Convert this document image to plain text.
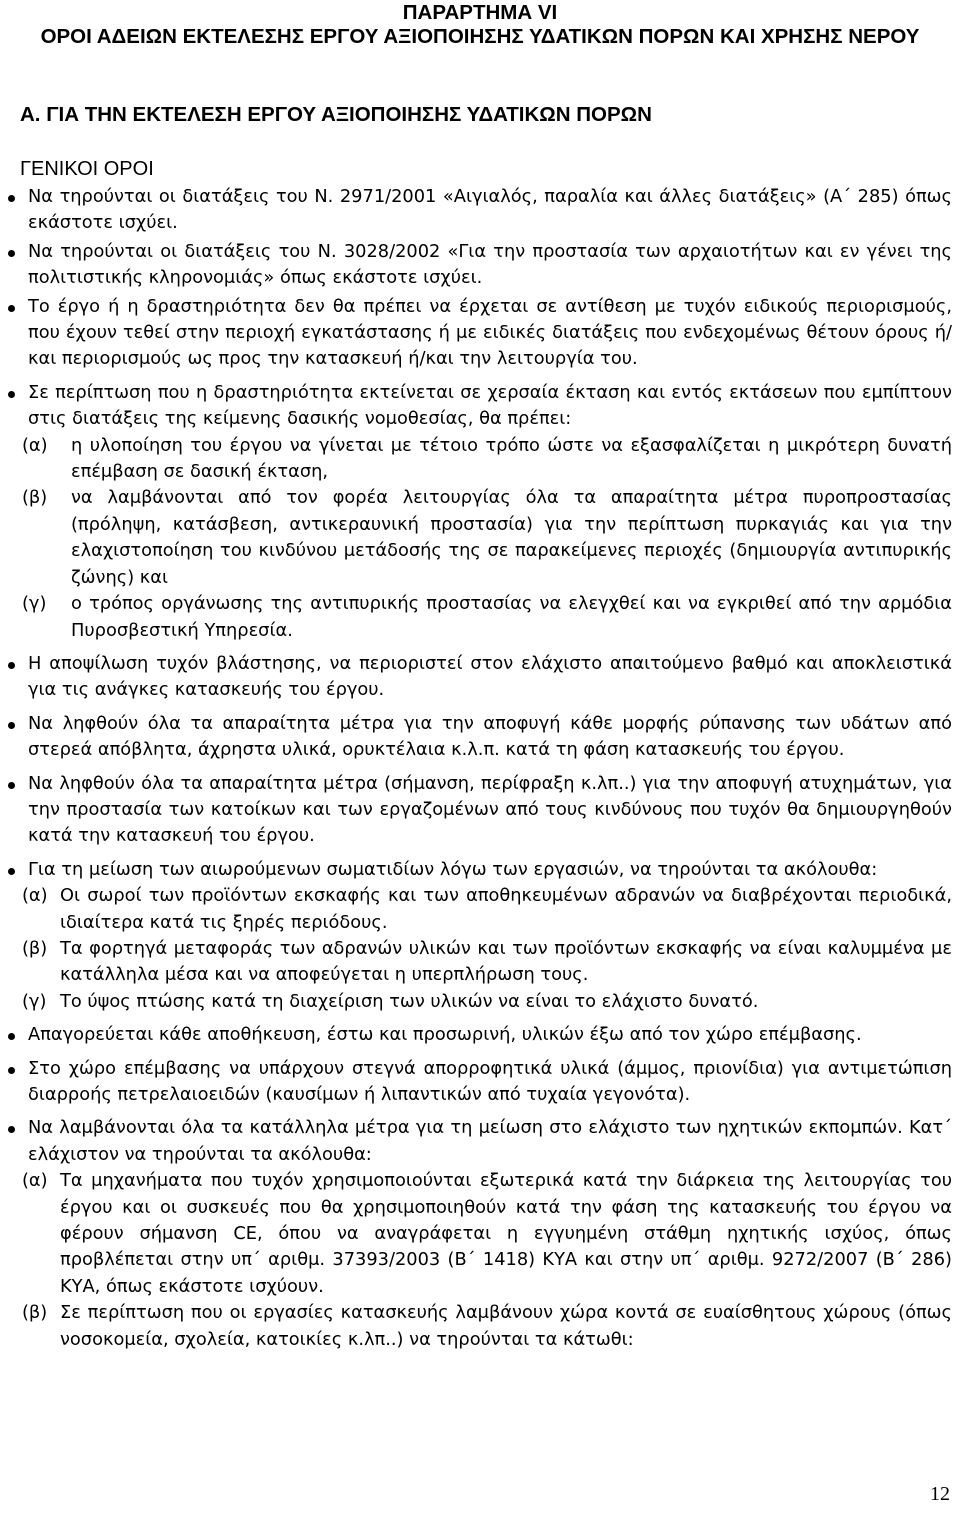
ΠΑΡΑΡΤΗΜΑ VI
ΟΡΟΙ ΑΔΕΙΩΝ ΕΚΤΕΛΕΣΗΣ ΕΡΓΟΥ ΑΞΙΟΠΟΙΗΣΗΣ ΥΔΑΤΙΚΩΝ ΠΟΡΩΝ ΚΑΙ ΧΡΗΣΗΣ ΝΕΡΟΥ
Α. ΓΙΑ ΤΗΝ ΕΚΤΕΛΕΣΗ ΕΡΓΟΥ ΑΞΙΟΠΟΙΗΣΗΣ ΥΔΑΤΙΚΩΝ ΠΟΡΩΝ
ΓΕΝΙΚΟΙ ΟΡΟΙ
Να τηρούνται οι διατάξεις του Ν. 2971/2001 «Αιγιαλός, παραλία και άλλες διατάξεις» (Α΄ 285) όπως εκάστοτε ισχύει.
Να τηρούνται οι διατάξεις του Ν. 3028/2002 «Για την προστασία των αρχαιοτήτων και εν γένει της πολιτιστικής κληρονομιάς» όπως εκάστοτε ισχύει.
Το έργο ή η δραστηριότητα δεν θα πρέπει να έρχεται σε αντίθεση με τυχόν ειδικούς περιορισμούς, που έχουν τεθεί στην περιοχή εγκατάστασης ή με ειδικές διατάξεις που ενδεχομένως θέτουν όρους ή/και περιορισμούς ως προς την κατασκευή ή/και την λειτουργία του.
Σε περίπτωση που η δραστηριότητα εκτείνεται σε χερσαία έκταση και εντός εκτάσεων που εμπίπτουν στις διατάξεις της κείμενης δασικής νομοθεσίας, θα πρέπει:
(α) η υλοποίηση του έργου να γίνεται με τέτοιο τρόπο ώστε να εξασφαλίζεται η μικρότερη δυνατή επέμβαση σε δασική έκταση,
(β) να λαμβάνονται από τον φορέα λειτουργίας όλα τα απαραίτητα μέτρα πυροπροστασίας (πρόληψη, κατάσβεση, αντικεραυνική προστασία) για την περίπτωση πυρκαγιάς και για την ελαχιστοποίηση του κινδύνου μετάδοσής της σε παρακείμενες περιοχές (δημιουργία αντιπυρικής ζώνης) και
(γ) ο τρόπος οργάνωσης της αντιπυρικής προστασίας να ελεγχθεί και να εγκριθεί από την αρμόδια Πυροσβεστική Υπηρεσία.
Η αποψίλωση τυχόν βλάστησης, να περιοριστεί στον ελάχιστο απαιτούμενο βαθμό και αποκλειστικά για τις ανάγκες κατασκευής του έργου.
Να ληφθούν όλα τα απαραίτητα μέτρα για την αποφυγή κάθε μορφής ρύπανσης των υδάτων από στερεά απόβλητα, άχρηστα υλικά, ορυκτέλαια κ.λ.π. κατά τη φάση κατασκευής του έργου.
Να ληφθούν όλα τα απαραίτητα μέτρα (σήμανση, περίφραξη κ.λπ..) για την αποφυγή ατυχημάτων, για την προστασία των κατοίκων και των εργαζομένων από τους κινδύνους που τυχόν θα δημιουργηθούν κατά την κατασκευή του έργου.
Για τη μείωση των αιωρούμενων σωματιδίων λόγω των εργασιών, να τηρούνται τα ακόλουθα:
(α) Οι σωροί των προϊόντων εκσκαφής και των αποθηκευμένων αδρανών να διαβρέχονται περιοδικά, ιδιαίτερα κατά τις ξηρές περιόδους.
(β) Τα φορτηγά μεταφοράς των αδρανών υλικών και των προϊόντων εκσκαφής να είναι καλυμμένα με κατάλληλα μέσα και να αποφεύγεται η υπερπλήρωση τους.
(γ) Το ύψος πτώσης κατά τη διαχείριση των υλικών να είναι το ελάχιστο δυνατό.
Απαγορεύεται κάθε αποθήκευση, έστω και προσωρινή, υλικών έξω από τον χώρο επέμβασης.
Στο χώρο επέμβασης να υπάρχουν στεγνά απορροφητικά υλικά (άμμος, πριονίδια) για αντιμετώπιση διαρροής πετρελαιοειδών (καυσίμων ή λιπαντικών από τυχαία γεγονότα).
Να λαμβάνονται όλα τα κατάλληλα μέτρα για τη μείωση στο ελάχιστο των ηχητικών εκπομπών. Κατ΄ ελάχιστον να τηρούνται τα ακόλουθα:
(α) Τα μηχανήματα που τυχόν χρησιμοποιούνται εξωτερικά κατά την διάρκεια της λειτουργίας του έργου και οι συσκευές που θα χρησιμοποιηθούν κατά την φάση της κατασκευής του έργου να φέρουν σήμανση CE, όπου να αναγράφεται η εγγυημένη στάθμη ηχητικής ισχύος, όπως προβλέπεται στην υπ΄ αριθμ. 37393/2003 (Β΄ 1418) ΚΥΑ και στην υπ΄ αριθμ. 9272/2007 (Β΄ 286) ΚΥΑ, όπως εκάστοτε ισχύουν.
(β) Σε περίπτωση που οι εργασίες κατασκευής λαμβάνουν χώρα κοντά σε ευαίσθητους χώρους (όπως νοσοκομεία, σχολεία, κατοικίες κ.λπ..) να τηρούνται τα κάτωθι:
12
